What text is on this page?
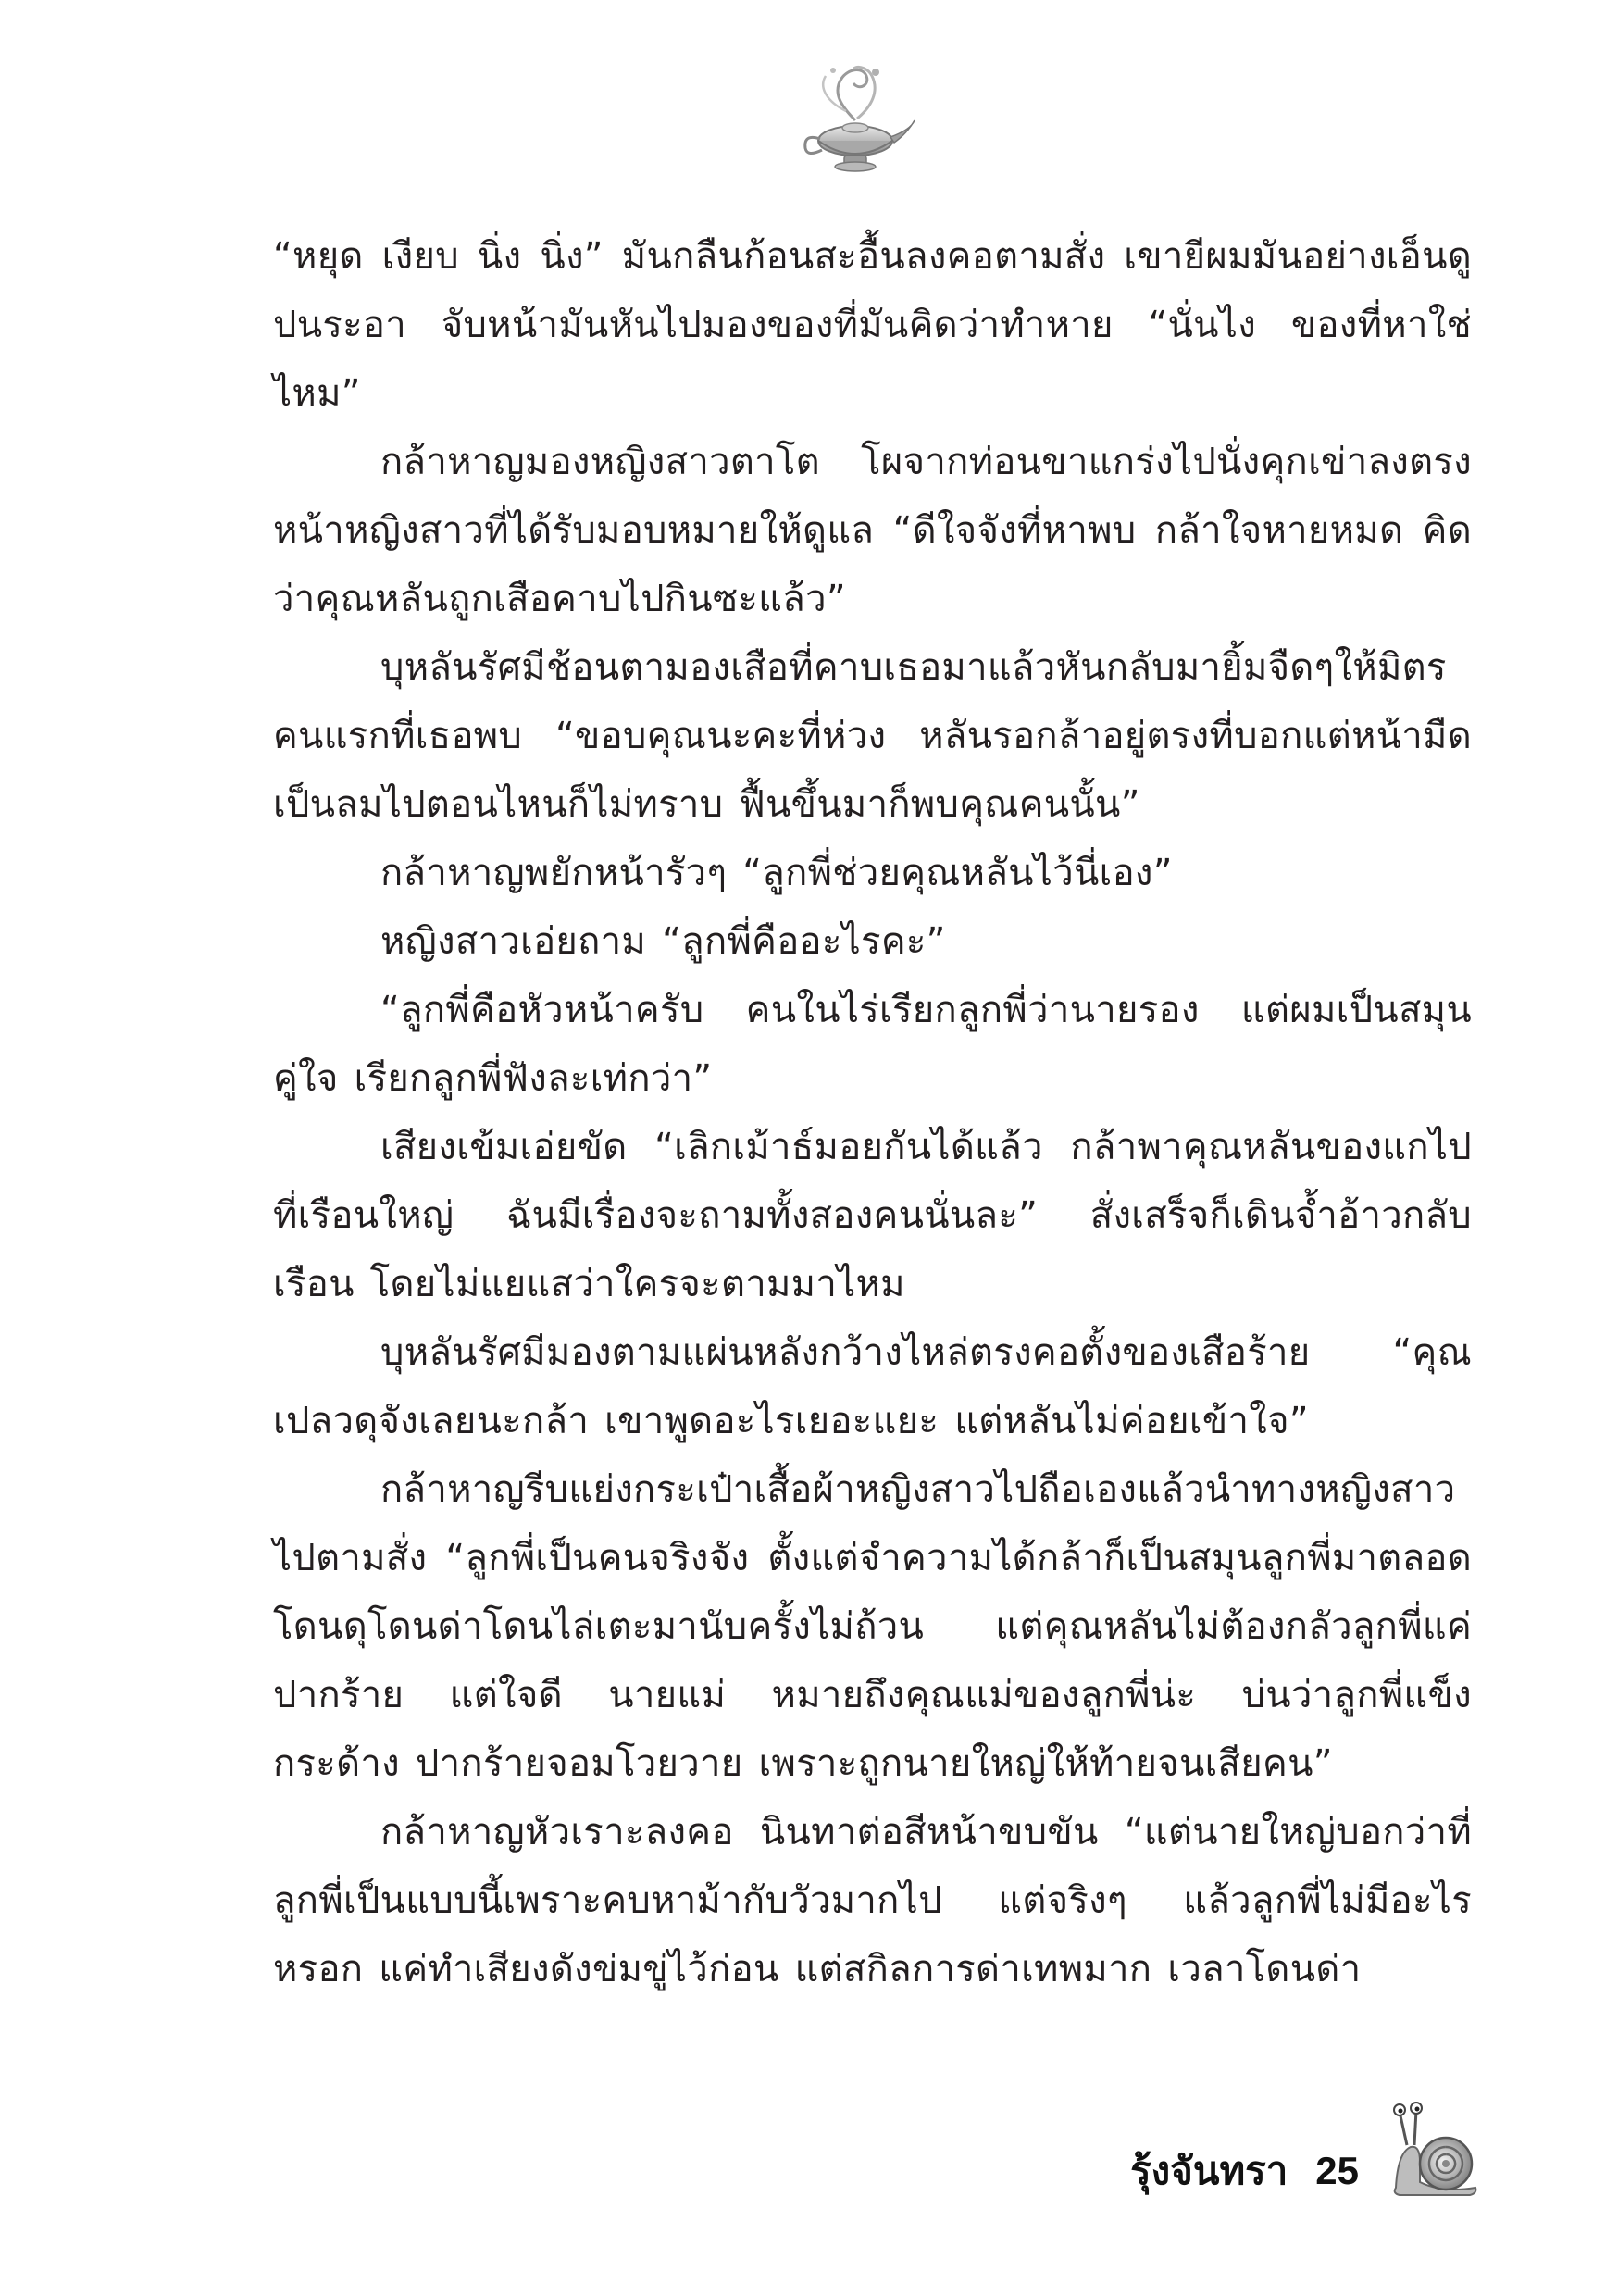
“หยุด เงียบ นิ่ง นิ่ง” มันกลืนก้อนสะอื้นลงคอตามสั่ง เขายีผมมันอย่างเอ็นดูปนระอา จับหน้ามันหันไปมองของที่มันคิดว่าทำหาย “นั่นไง ของที่หาใช่ไหม”

กล้าหาญมองหญิงสาวตาโต โผจากท่อนขาแกร่งไปนั่งคุกเข่าลงตรงหน้าหญิงสาวที่ได้รับมอบหมายให้ดูแล “ดีใจจังที่หาพบ กล้าใจหายหมด คิดว่าคุณหลันถูกเสือคาบไปกินซะแล้ว”

บุหลันรัศมีช้อนตามองเสือที่คาบเธอมาแล้วหันกลับมายิ้มจืดๆให้มิตรคนแรกที่เธอพบ “ขอบคุณนะคะที่ห่วง หลันรอกล้าอยู่ตรงที่บอกแต่หน้ามืดเป็นลมไปตอนไหนก็ไม่ทราบ ฟื้นขึ้นมาก็พบคุณคนนั้น”

กล้าหาญพยักหน้ารัวๆ “ลูกพี่ช่วยคุณหลันไว้นี่เอง”

หญิงสาวเอ่ยถาม “ลูกพี่คืออะไรคะ”

“ลูกพี่คือหัวหน้าครับ คนในไร่เรียกลูกพี่ว่านายรอง แต่ผมเป็นสมุนคู่ใจ เรียกลูกพี่ฟังละเท่กว่า”

เสียงเข้มเอ่ยขัด “เลิกเม้าธ์มอยกันได้แล้ว กล้าพาคุณหลันของแกไปที่เรือนใหญ่ ฉันมีเรื่องจะถามทั้งสองคนนั่นละ” สั่งเสร็จก็เดินจ้ำอ้าวกลับเรือน โดยไม่แยแสว่าใครจะตามมาไหม

บุหลันรัศมีมองตามแผ่นหลังกว้างไหล่ตรงคอตั้งของเสือร้าย “คุณเปลวดุจังเลยนะกล้า เขาพูดอะไรเยอะแยะ แต่หลันไม่ค่อยเข้าใจ”

กล้าหาญรีบแย่งกระเป๋าเสื้อผ้าหญิงสาวไปถือเองแล้วนำทางหญิงสาวไปตามสั่ง “ลูกพี่เป็นคนจริงจัง ตั้งแต่จำความได้กล้าก็เป็นสมุนลูกพี่มาตลอด โดนดุโดนด่าโดนไล่เตะมานับครั้งไม่ถ้วน แต่คุณหลันไม่ต้องกลัวลูกพี่แค่ปากร้าย แต่ใจดี นายแม่ หมายถึงคุณแม่ของลูกพี่น่ะ บ่นว่าลูกพี่แข็งกระด้าง ปากร้ายจอมโวยวาย เพราะถูกนายใหญ่ให้ท้ายจนเสียคน”

กล้าหาญหัวเราะลงคอ นินทาต่อสีหน้าขบขัน “แต่นายใหญ่บอกว่าที่ลูกพี่เป็นแบบนี้เพราะคบหาม้ากับวัวมากไป แต่จริงๆ แล้วลูกพี่ไม่มีอะไรหรอก แค่ทำเสียงดังข่มขู่ไว้ก่อน แต่สกิลการด่าเทพมาก เวลาโดนด่า

รุ้งจันทรา 25
